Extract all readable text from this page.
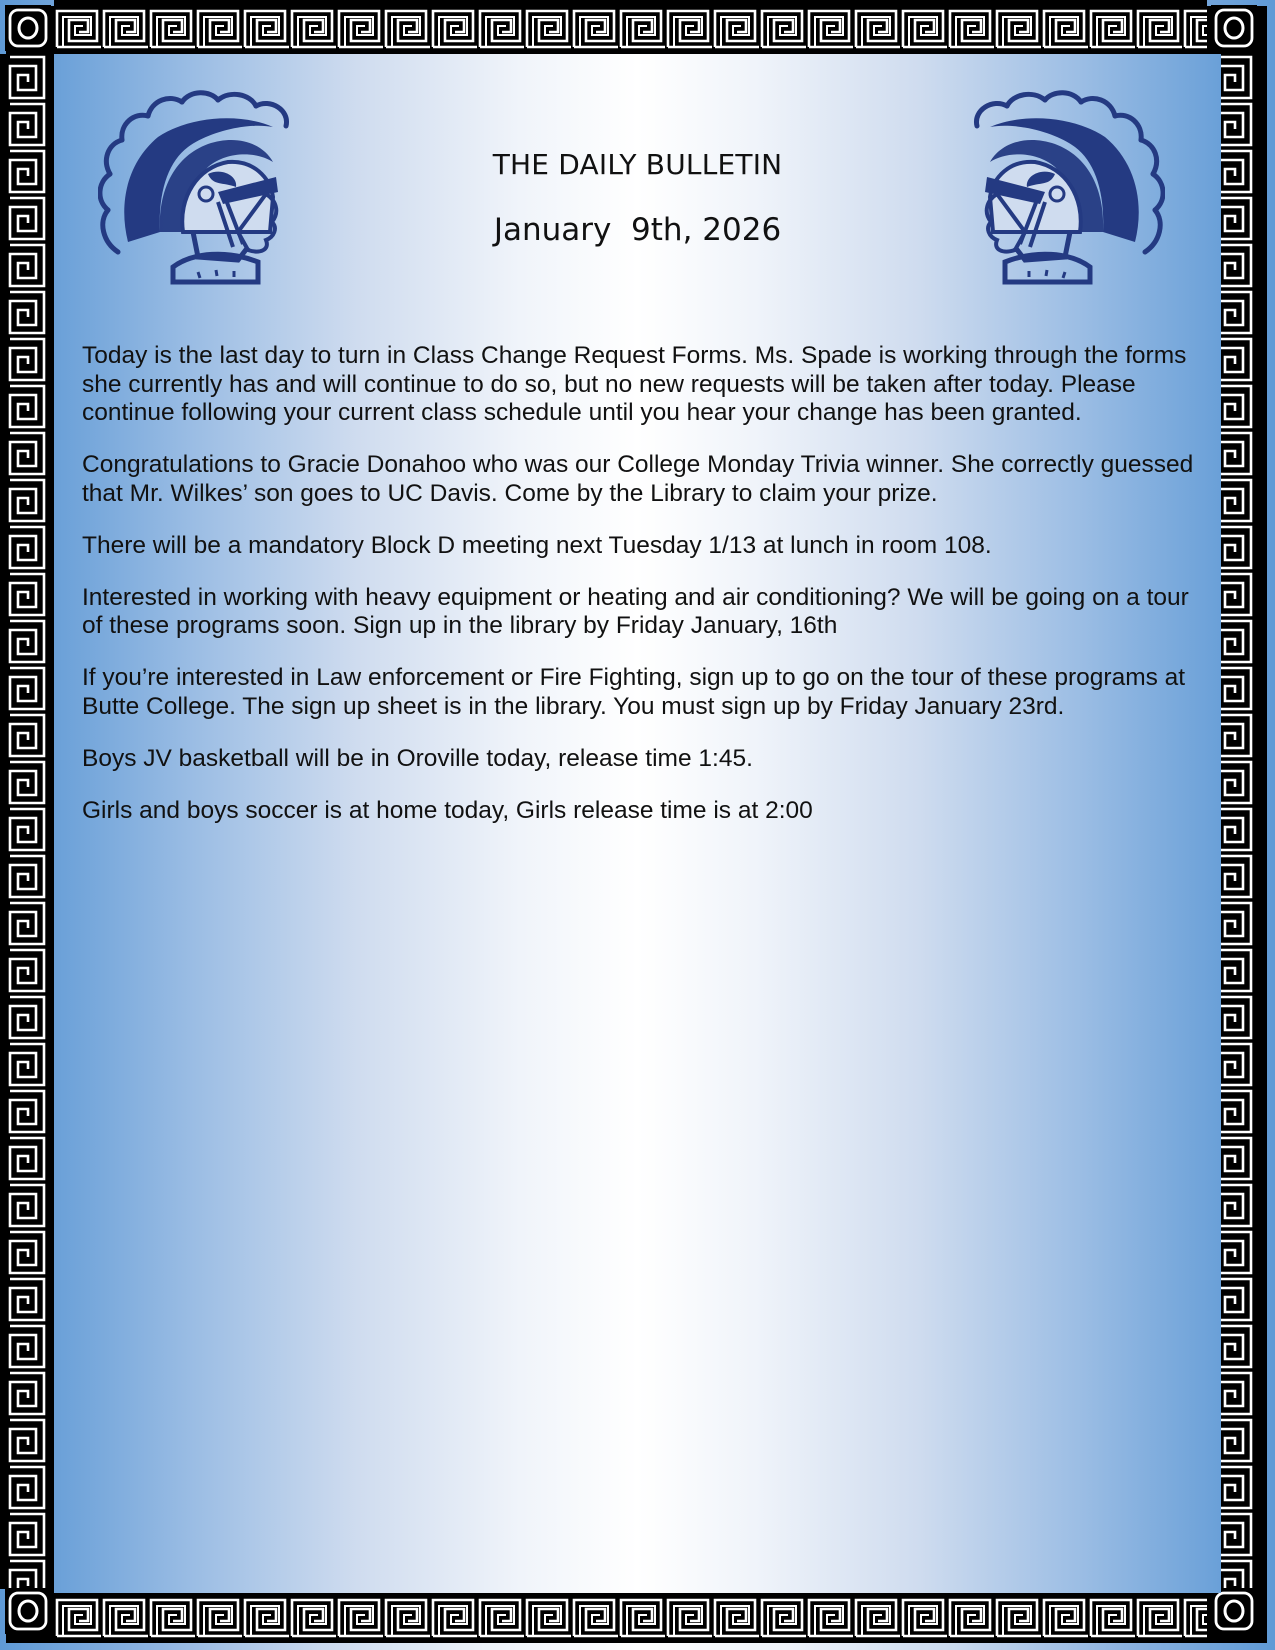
THE DAILY BULLETIN
January  9th, 2026

Today is the last day to turn in Class Change Request Forms. Ms. Spade is working through the forms she currently has and will continue to do so, but no new requests will be taken after today. Please continue following your current class schedule until you hear your change has been granted.

Congratulations to Gracie Donahoo who was our College Monday Trivia winner. She correctly guessed that Mr. Wilkes’ son goes to UC Davis. Come by the Library to claim your prize.

There will be a mandatory Block D meeting next Tuesday 1/13 at lunch in room 108.

Interested in working with heavy equipment or heating and air conditioning? We will be going on a tour of these programs soon. Sign up in the library by Friday January, 16th

If you’re interested in Law enforcement or Fire Fighting, sign up to go on the tour of these programs at Butte College. The sign up sheet is in the library. You must sign up by Friday January 23rd.

Boys JV basketball will be in Oroville today, release time 1:45.

Girls and boys soccer is at home today, Girls release time is at 2:00
